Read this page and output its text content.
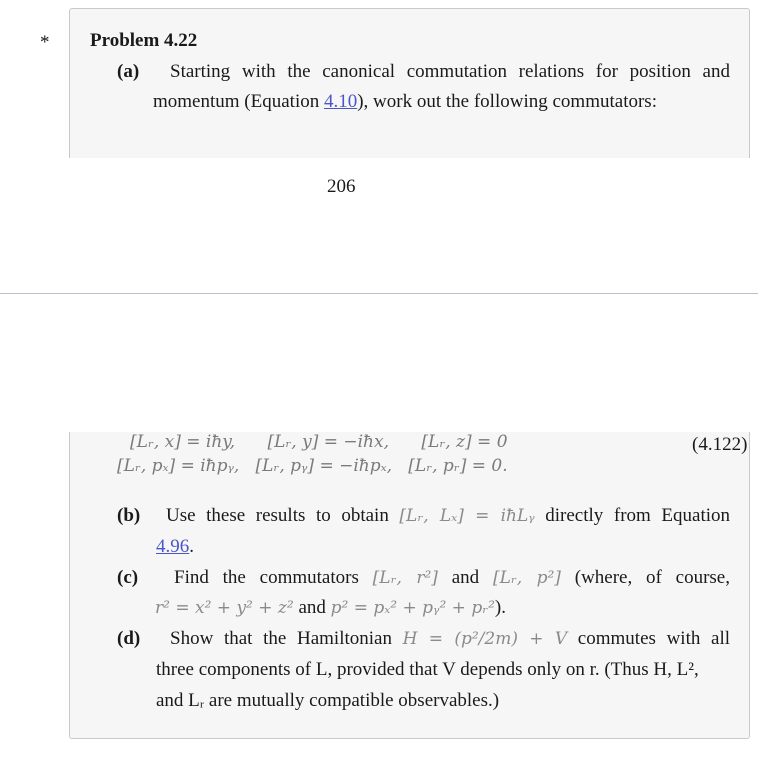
* Problem 4.22
(a) Starting with the canonical commutation relations for position and
momentum (Equation 4.10), work out the following commutators:
206
[Lᵣ, x] = iħy,      [Lᵣ, y] = −iħx,      [Lᵣ, z] = 0
[Lᵣ, pₓ] = iħpᵧ,   [Lᵣ, pᵧ] = −iħpₓ,   [Lᵣ, pᵣ] = 0.
(4.122)
(b) Use these results to obtain [Lᵣ, Lₓ] = iħLᵧ directly from Equation
4.96.
(c) Find the commutators [Lᵣ, r²] and [Lᵣ, p²] (where, of course,
r² = x² + y² + z² and p² = pₓ² + pᵧ² + pᵣ²).
(d) Show that the Hamiltonian H = (p²/2m) + V commutes with all
three components of L, provided that V depends only on r. (Thus H, L²,
and Lᵣ are mutually compatible observables.)
